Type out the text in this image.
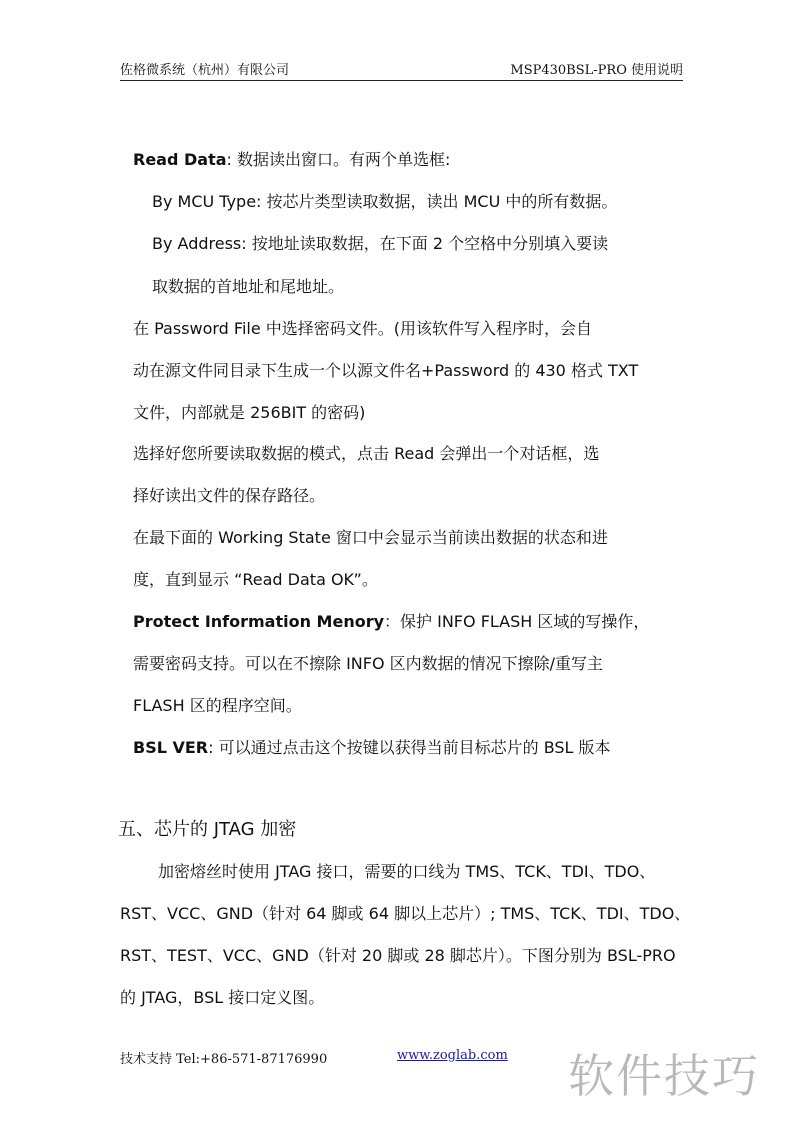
佐格微系统（杭州）有限公司	MSP430BSL-PRO 使用说明
Read Data: 数据读出窗口。有两个单选框:
By MCU Type: 按芯片类型读取数据，读出 MCU 中的所有数据。
By Address: 按地址读取数据，在下面 2 个空格中分别填入要读
取数据的首地址和尾地址。
在 Password File 中选择密码文件。(用该软件写入程序时，会自
动在源文件同目录下生成一个以源文件名+Password 的 430 格式 TXT
文件，内部就是 256BIT 的密码)
选择好您所要读取数据的模式，点击 Read 会弹出一个对话框，选
择好读出文件的保存路径。
在最下面的 Working State 窗口中会显示当前读出数据的状态和进
度，直到显示 “Read Data OK”。
Protect Information Menory：保护 INFO FLASH 区域的写操作，
需要密码支持。可以在不擦除 INFO 区内数据的情况下擦除/重写主
FLASH 区的程序空间。
BSL VER: 可以通过点击这个按键以获得当前目标芯片的 BSL 版本
五、芯片的 JTAG 加密
加密熔丝时使用 JTAG 接口，需要的口线为 TMS、TCK、TDI、TDO、
RST、VCC、GND（针对 64 脚或 64 脚以上芯片）; TMS、TCK、TDI、TDO、
RST、TEST、VCC、GND（针对 20 脚或 28 脚芯片）。下图分别为 BSL-PRO
的 JTAG，BSL 接口定义图。
技术支持 Tel:+86-571-87176990	www.zoglab.com 软件技巧
